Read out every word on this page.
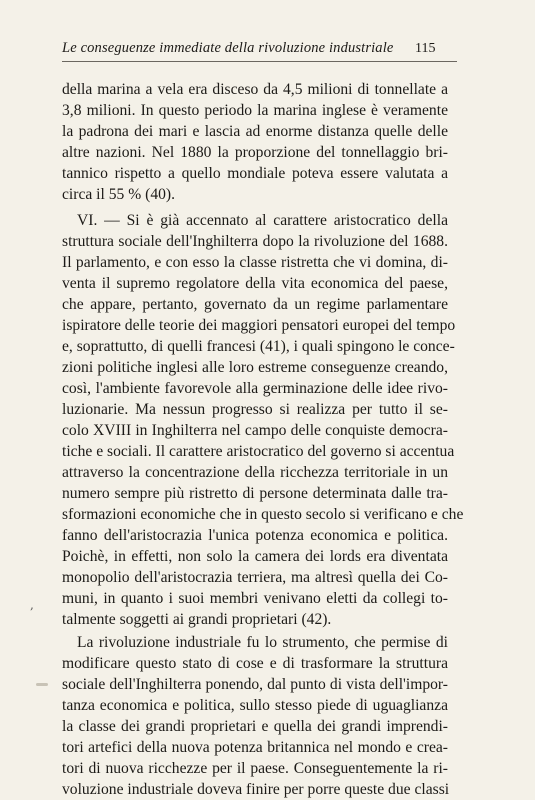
Le conseguenze immediate della rivoluzione industriale	115
della marina a vela era disceso da 4,5 milioni di tonnellate a
3,8 milioni. In questo periodo la marina inglese è veramente
la padrona dei mari e lascia ad enorme distanza quelle delle
altre nazioni. Nel 1880 la proporzione del tonnellaggio bri-
tannico rispetto a quello mondiale poteva essere valutata a
circa il 55 % (40).
VI. — Si è già accennato al carattere aristocratico della
struttura sociale dell'Inghilterra dopo la rivoluzione del 1688.
Il parlamento, e con esso la classe ristretta che vi domina, di-
venta il supremo regolatore della vita economica del paese,
che appare, pertanto, governato da un regime parlamentare
ispiratore delle teorie dei maggiori pensatori europei del tempo
e, soprattutto, di quelli francesi (41), i quali spingono le conce-
zioni politiche inglesi alle loro estreme conseguenze creando,
così, l'ambiente favorevole alla germinazione delle idee rivo-
luzionarie. Ma nessun progresso si realizza per tutto il se-
colo XVIII in Inghilterra nel campo delle conquiste democra-
tiche e sociali. Il carattere aristocratico del governo si accentua
attraverso la concentrazione della ricchezza territoriale in un
numero sempre più ristretto di persone determinata dalle tra-
sformazioni economiche che in questo secolo si verificano e che
fanno dell'aristocrazia l'unica potenza economica e politica.
Poichè, in effetti, non solo la camera dei lords era diventata
monopolio dell'aristocrazia terriera, ma altresì quella dei Co-
muni, in quanto i suoi membri venivano eletti da collegi to-
talmente soggetti ai grandi proprietari (42).
La rivoluzione industriale fu lo strumento, che permise di
modificare questo stato di cose e di trasformare la struttura
sociale dell'Inghilterra ponendo, dal punto di vista dell'impor-
tanza economica e politica, sullo stesso piede di uguaglianza
la classe dei grandi proprietari e quella dei grandi imprendi-
tori artefici della nuova potenza britannica nel mondo e crea-
tori di nuova ricchezze per il paese. Conseguentemente la ri-
voluzione industriale doveva finire per porre queste due classi
,
